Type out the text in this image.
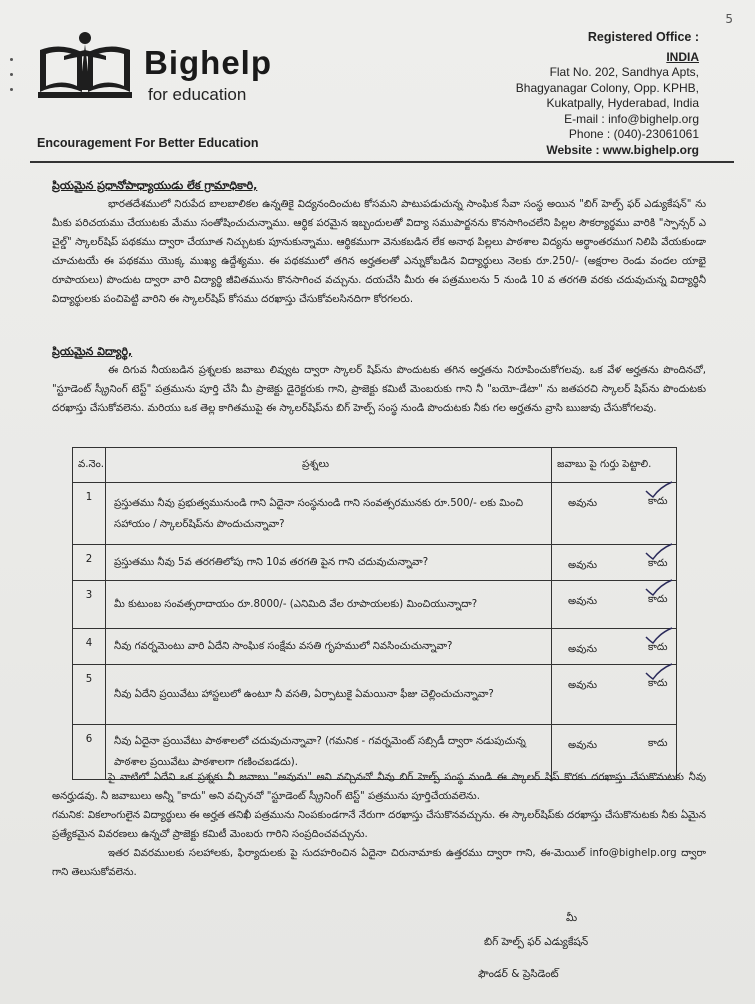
5
Bighelp
for education
Encouragement For Better Education
Registered Office :
INDIA
Flat No. 202, Sandhya Apts,
Bhagyanagar Colony, Opp. KPHB,
Kukatpally, Hyderabad, India
E-mail : info@bighelp.org
Phone : (040)-23061061
Website : www.bighelp.org
ప్రియమైన ప్రధానోపాధ్యాయుడు లేక గ్రామాధికారి,
భారతదేశములో నిరుపేద బాలబాలికల ఉన్నతికై విద్యనందించుట కోసమని పాటుపడుచున్న సాంఘిక సేవా సంస్థ అయిన "బిగ్ హెల్ప్ ఫర్ ఎడ్యుకేషన్" ను మీకు పరిచయము చేయుటకు మేము సంతోషించుచున్నాము. ఆర్థిక పరమైన ఇబ్బందులతో విద్యా సముపార్జనను కొనసాగించలేని పిల్లల సౌకర్యార్థము వారికి "స్పాన్సర్ ఎ చైల్డ్" స్కాలర్‌షిప్ పథకము ద్వారా చేయూత నిచ్చుటకు పూనుకున్నాము. ఆర్థికముగా వెనుకబడిన లేక అనాథ పిల్లలు పాఠశాల విద్యను అర్థాంతరముగ నిలిపి వేయకుండా చూచుటయే ఈ పథకము యొక్క ముఖ్య ఉద్దేశ్యము. ఈ పథకములో తగిన అర్హతలతో ఎన్నుకోబడిన విద్యార్థులు నెలకు రూ.250/- (అక్షరాల రెండు వందల యాభై రూపాయలు) పొందుట ద్వారా వారి విద్యార్థి జీవితమును కొనసాగించ వచ్చును. దయచేసి మీరు ఈ పత్రములను 5 నుండి 10 వ తరగతి వరకు చదువుచున్న విద్యార్థినీ విద్యార్థులకు పంచిపెట్టి వారిని ఈ స్కాలర్‌షిప్ కోసము దరఖాస్తు చేసుకోవలసినదిగా కోరగలరు.
ప్రియమైన విద్యార్థి,
ఈ దిగువ నీయబడిన ప్రశ్నలకు జవాబు లివ్వుట ద్వారా స్కాలర్ షిప్‌ను పొందుటకు తగిన అర్హతను నిరూపించుకోగలవు. ఒక వేళ అర్హతను పొందినచో, "స్టూడెంట్ స్క్రీనింగ్ టెస్ట్" పత్రమును పూర్తి చేసి మీ ప్రాజెక్టు డైరెక్టరుకు గాని, ప్రాజెక్టు కమిటీ మెంబరుకు గాని నీ "బయో-డేటా" ను జతపరచి స్కాలర్ షిప్‌ను పొందుటకు దరఖాస్తు చేసుకోవలెను. మరియు ఒక తెల్ల కాగితముపై ఈ స్కాలర్‌షిప్‌ను బిగ్ హెల్ప్ సంస్థ నుండి పొందుటకు నీకు గల అర్హతను వ్రాసి ఋజువు చేసుకోగలవు.
వ.నెం.	ప్రశ్నలు	జవాబు పై గుర్తు పెట్టాలి.
1	ప్రస్తుతము నీవు ప్రభుత్వమునుండి గాని ఏదైనా సంస్థనుండి గాని సంవత్సరమునకు రూ.500/- లకు మించి సహాయం / స్కాలర్‌షిప్‌ను పొందుచున్నావా?	అవును కాదు

2	ప్రస్తుతము నీవు 5వ తరగతిలోపు గాని 10వ తరగతి పైన గాని చదువుచున్నావా?	అవును కాదు

3	మీ కుటుంబ సంవత్సరాదాయం రూ.8000/- (ఎనిమిది వేల రూపాయలకు) మించియున్నాదా?	అవును కాదు

4	నీవు గవర్నమెంటు వారి ఏదేని సాంఘిక సంక్షేమ వసతి గృహములో నివసించుచున్నావా?	అవును కాదు

5	నీవు ఏదేని ప్రయివేటు హాస్టలులో ఉంటూ నీ వసతి, ఏర్పాటుకై ఏమయినా ఫీజు చెల్లించుచున్నావా?	అవును కాదు

6	నీవు ఏదైనా ప్రయివేటు పాఠశాలలో చదువుచున్నావా? (గమనిక - గవర్నమెంట్ సబ్సిడీ ద్వారా నడుపుచున్న పాఠశాల ప్రయివేటు పాఠశాలగా గణించబడదు).	అవును కాదు
పై వాటిలో ఏదేని ఒక ప్రశ్నకు నీ జవాబు "అవును" అని వచ్చినచో నీవు బిగ్ హెల్ప్ సంస్థ నుండి ఈ స్కాలర్ షిప్ కొరకు దరఖాస్తు చేసుకొనుటకు నీవు అనర్హుడవు. నీ జవాబులు అన్నీ "కాదు" అని వచ్చినచో "స్టూడెంట్ స్క్రీనింగ్ టెస్ట్" పత్రమును పూర్తిచేయవలెను.
గమనిక: వికలాంగులైన విద్యార్థులు ఈ అర్హత తనిఖీ పత్రమును నింపకుండగానే నేరుగా దరఖాస్తు చేసుకొనవచ్చును. ఈ స్కాలర్‌షిప్‌కు దరఖాస్తు చేసుకొనుటకు నీకు ఏమైన ప్రత్యేకమైన వివరణలు ఉన్నచో ప్రాజెక్టు కమిటీ మెంబరు గారిని సంప్రదించవచ్చును.
ఇతర వివరములకు సలహాలకు, ఫిర్యాదులకు పై సుదహరించిన ఏదైనా చిరునామాకు ఉత్తరము ద్వారా గాని, ఈ-మెయిల్ info@bighelp.org ద్వారా గాని తెలుసుకోవలెను.
మీ
బిగ్ హెల్ప్ ఫర్ ఎడ్యుకేషన్
ఫౌండర్ & ప్రెసిడెంట్
